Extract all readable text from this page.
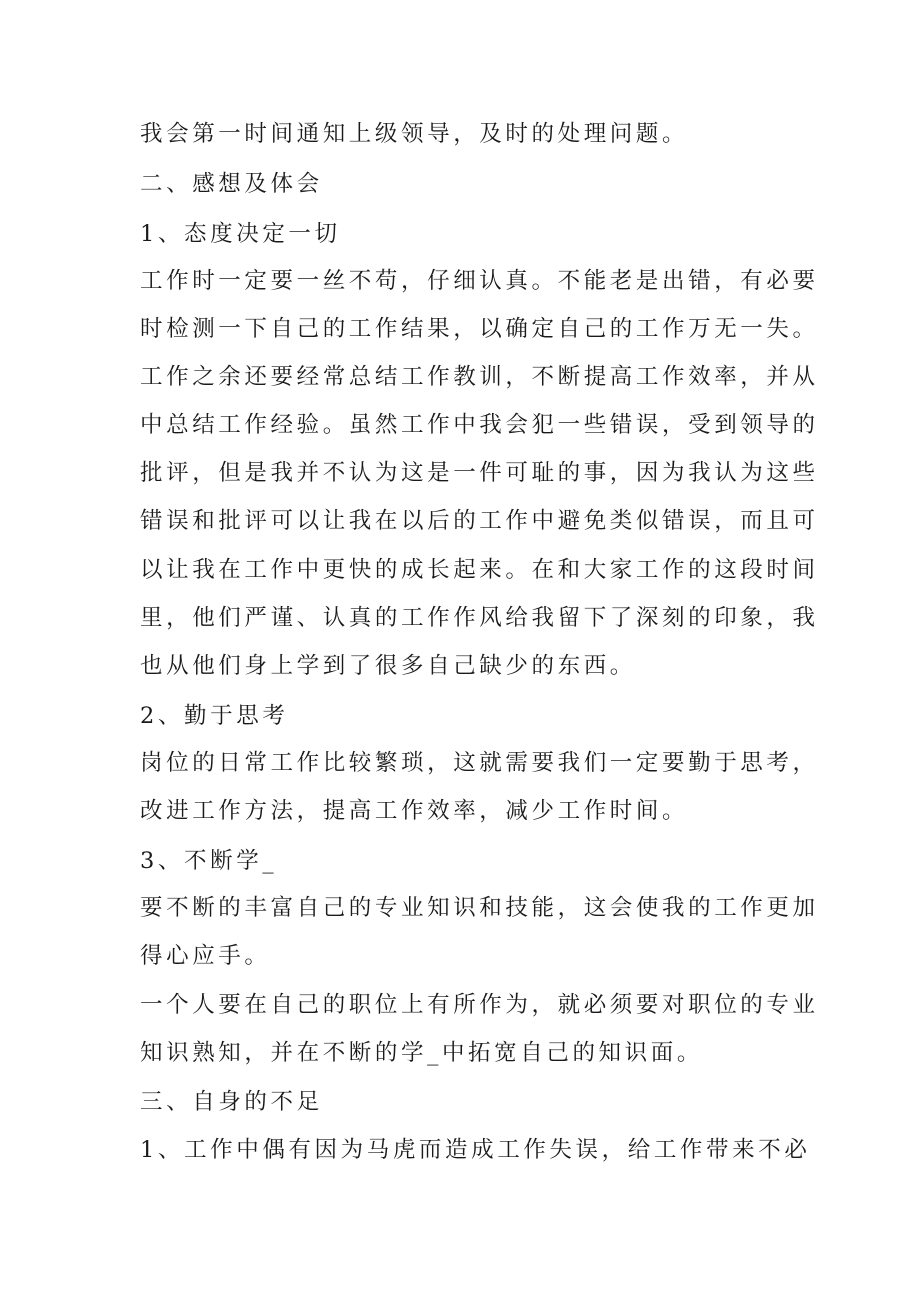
我会第一时间通知上级领导，及时的处理问题。
二、感想及体会
1、态度决定一切
工作时一定要一丝不苟，仔细认真。不能老是出错，有必要
时检测一下自己的工作结果，以确定自己的工作万无一失。
工作之余还要经常总结工作教训，不断提高工作效率，并从
中总结工作经验。虽然工作中我会犯一些错误，受到领导的
批评，但是我并不认为这是一件可耻的事，因为我认为这些
错误和批评可以让我在以后的工作中避免类似错误，而且可
以让我在工作中更快的成长起来。在和大家工作的这段时间
里，他们严谨、认真的工作作风给我留下了深刻的印象，我
也从他们身上学到了很多自己缺少的东西。
2、勤于思考
岗位的日常工作比较繁琐，这就需要我们一定要勤于思考，
改进工作方法，提高工作效率，减少工作时间。
3、不断学_
要不断的丰富自己的专业知识和技能，这会使我的工作更加
得心应手。
一个人要在自己的职位上有所作为，就必须要对职位的专业
知识熟知，并在不断的学_中拓宽自己的知识面。
三、自身的不足
1、工作中偶有因为马虎而造成工作失误，给工作带来不必
